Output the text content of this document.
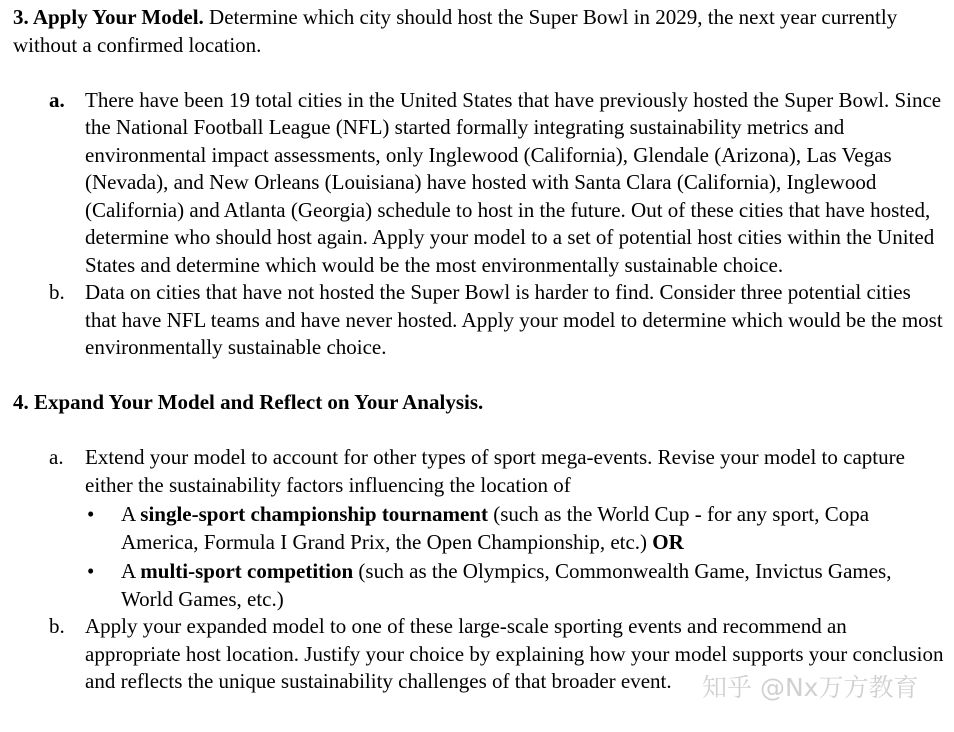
3. Apply Your Model. Determine which city should host the Super Bowl in 2029, the next year currently without a confirmed location.

a. There have been 19 total cities in the United States that have previously hosted the Super Bowl. Since the National Football League (NFL) started formally integrating sustainability metrics and environmental impact assessments, only Inglewood (California), Glendale (Arizona), Las Vegas (Nevada), and New Orleans (Louisiana) have hosted with Santa Clara (California), Inglewood (California) and Atlanta (Georgia) schedule to host in the future. Out of these cities that have hosted, determine who should host again. Apply your model to a set of potential host cities within the United States and determine which would be the most environmentally sustainable choice.
b. Data on cities that have not hosted the Super Bowl is harder to find. Consider three potential cities that have NFL teams and have never hosted. Apply your model to determine which would be the most environmentally sustainable choice.

4. Expand Your Model and Reflect on Your Analysis.

a.	Extend your model to account for other types of sport mega-events. Revise your model to capture either the sustainability factors influencing the location of
•	A single-sport championship tournament (such as the World Cup - for any sport, Copa America, Formula I Grand Prix, the Open Championship, etc.) OR
•	A multi-sport competition (such as the Olympics, Commonwealth Game, Invictus Games, World Games, etc.)
b. Apply your expanded model to one of these large-scale sporting events and recommend an appropriate host location. Justify your choice by explaining how your model supports your conclusion and reflects the unique sustainability challenges of that broader event.	知乎 @Nx万方教育
